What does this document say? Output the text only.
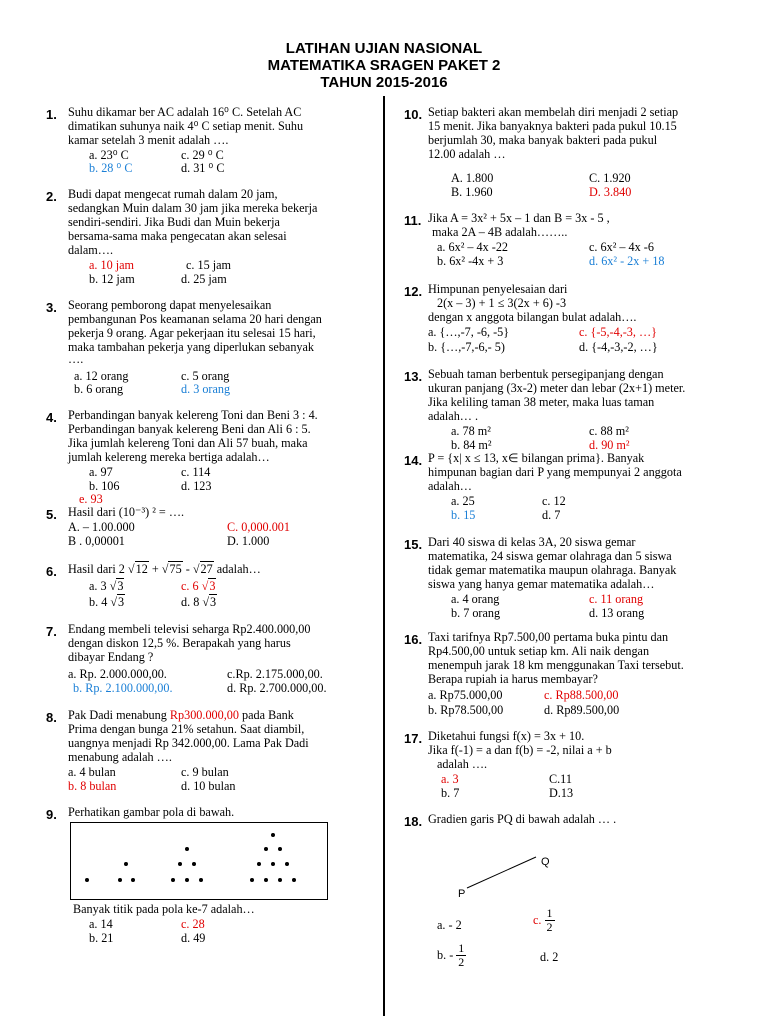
LATIHAN UJIAN NASIONAL
MATEMATIKA SRAGEN PAKET 2
TAHUN 2015-2016
1. Suhu dikamar ber AC adalah 16⁰ C. Setelah AC
dimatikan suhunya naik 4⁰ C setiap menit. Suhu
kamar setelah 3 menit adalah ….
a. 23⁰ C	c. 29 ⁰ C
b. 28 ⁰ C	d. 31 ⁰ C
2. Budi dapat mengecat rumah dalam 20 jam,
sedangkan Muin dalam 30 jam jika mereka bekerja
sendiri-sendiri. Jika Budi dan Muin bekerja
bersama-sama maka pengecatan akan selesai
dalam….
a. 10 jam	c. 15 jam
b. 12 jam	d. 25 jam
3. Seorang pemborong dapat menyelesaikan
pembangunan Pos keamanan selama 20 hari dengan
pekerja 9 orang. Agar pekerjaan itu selesai 15 hari,
maka tambahan pekerja yang diperlukan sebanyak
….
a. 12 orang	c. 5 orang
b. 6 orang	d. 3 orang
4. Perbandingan banyak kelereng Toni dan Beni 3 : 4.
Perbandingan banyak kelereng Beni dan Ali 6 : 5.
Jika jumlah kelereng Toni dan Ali 57 buah, maka
jumlah kelereng mereka bertiga adalah…
a. 97	c. 114
b. 106	d. 123
e. 93
5. Hasil dari (10⁻³) ² = ….
A. – 1.00.000	C. 0,000.001
B . 0,00001	D. 1.000
6. Hasil dari 2 √12 + √75 - √27 adalah…
a. 3 √3	c. 6 √3
b. 4 √3	d. 8 √3
7. Endang membeli televisi seharga Rp2.400.000,00
dengan diskon 12,5 %. Berapakah yang harus
dibayar Endang ?
a. Rp. 2.000.000,00.	c.Rp. 2.175.000,00.
b. Rp. 2.100.000,00.	d. Rp. 2.700.000,00.
8. Pak Dadi menabung Rp300.000,00 pada Bank
Prima dengan bunga 21% setahun. Saat diambil,
uangnya menjadi Rp 342.000,00. Lama Pak Dadi
menabung adalah ….
a. 4 bulan	c. 9 bulan
b. 8 bulan	d. 10 bulan
9. Perhatikan gambar pola di bawah.
Banyak titik pada pola ke-7 adalah…
a. 14	c. 28
b. 21	d. 49
10. Setiap bakteri akan membelah diri menjadi 2 setiap
15 menit. Jika banyaknya bakteri pada pukul 10.15
berjumlah 30, maka banyak bakteri pada pukul
12.00 adalah …
A. 1.800	C. 1.920
B. 1.960	D. 3.840
11. Jika A = 3x² + 5x – 1 dan B = 3x - 5 ,
maka 2A – 4B adalah……..
a. 6x² – 4x -22	c. 6x² – 4x -6
b. 6x² -4x + 3	d. 6x² - 2x + 18
12. Himpunan penyelesaian dari
2(x – 3) + 1 ≤ 3(2x + 6) -3
dengan x anggota bilangan bulat adalah….
a. {…,-7, -6, -5}	c. {-5,-4,-3, …}
b. {…,-7,-6,- 5)	d. {-4,-3,-2, …}
13. Sebuah taman berbentuk persegipanjang dengan
ukuran panjang (3x-2) meter dan lebar (2x+1) meter.
Jika keliling taman 38 meter, maka luas taman
adalah… .
a. 78 m²	c. 88 m²
b. 84 m²	d. 90 m²
14. P = {x| x ≤ 13, x∈ bilangan prima}. Banyak
himpunan bagian dari P yang mempunyai 2 anggota
adalah…
a. 25	c. 12
b. 15	d. 7
15. Dari 40 siswa di kelas 3A, 20 siswa gemar
matematika, 24 siswa gemar olahraga dan 5 siswa
tidak gemar matematika maupun olahraga. Banyak
siswa yang hanya gemar matematika adalah…
a. 4 orang	c. 11 orang
b. 7 orang	d. 13 orang
16. Taxi tarifnya Rp7.500,00 pertama buka pintu dan
Rp4.500,00 untuk setiap km. Ali naik dengan
menempuh jarak 18 km menggunakan Taxi tersebut.
Berapa rupiah ia harus membayar?
a. Rp75.000,00	c. Rp88.500,00
b. Rp78.500,00	d. Rp89.500,00
17. Diketahui fungsi f(x) = 3x + 10.
Jika f(-1) = a dan f(b) = -2, nilai a + b
adalah ….
a. 3	C.11
b. 7	D.13
18. Gradien garis PQ di bawah adalah … .
P
Q
a. - 2	c. $\frac{1}{2}$
b. - $\frac{1}{2}$	d. 2
